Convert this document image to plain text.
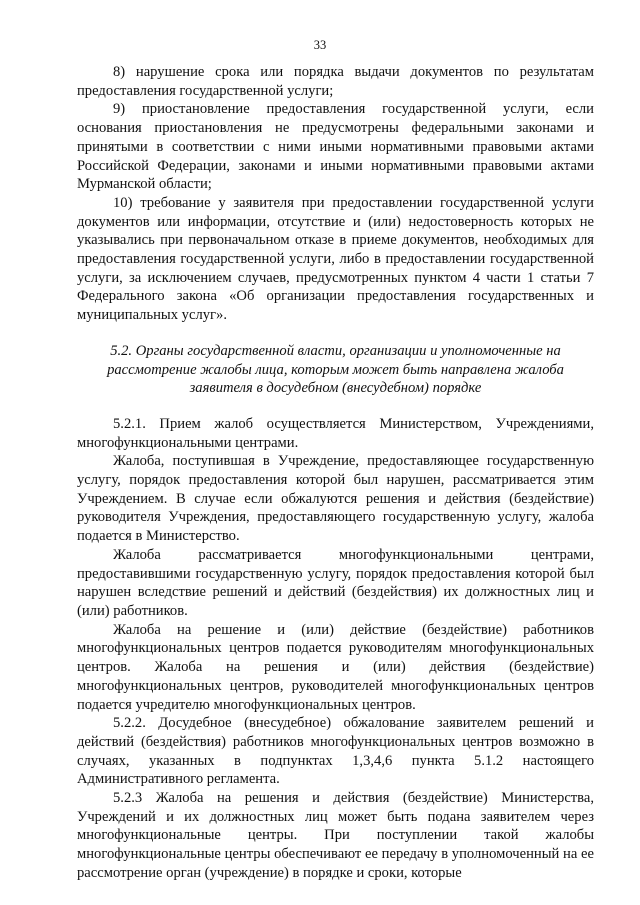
33

8) нарушение срока или порядка выдачи документов по результатам предоставления государственной услуги;

9) приостановление предоставления государственной услуги, если основания приостановления не предусмотрены федеральными законами и принятыми в соответствии с ними иными нормативными правовыми актами Российской Федерации, законами и иными нормативными правовыми актами Мурманской области;

10) требование у заявителя при предоставлении государственной услуги документов или информации, отсутствие и (или) недостоверность которых не указывались при первоначальном отказе в приеме документов, необходимых для предоставления государственной услуги, либо в предоставлении государственной услуги, за исключением случаев, предусмотренных пунктом 4 части 1 статьи 7 Федерального закона «Об организации предоставления государственных и муниципальных услуг».

5.2. Органы государственной власти, организации и уполномоченные на рассмотрение жалобы лица, которым может быть направлена жалоба заявителя в досудебном (внесудебном) порядке

5.2.1. Прием жалоб осуществляется Министерством, Учреждениями, многофункциональными центрами.

Жалоба, поступившая в Учреждение, предоставляющее государственную услугу, порядок предоставления которой был нарушен, рассматривается этим Учреждением. В случае если обжалуются решения и действия (бездействие) руководителя Учреждения, предоставляющего государственную услугу, жалоба подается в Министерство.

Жалоба рассматривается многофункциональными центрами, предоставившими государственную услугу, порядок предоставления которой был нарушен вследствие решений и действий (бездействия) их должностных лиц и (или) работников.

Жалоба на решение и (или) действие (бездействие) работников многофункциональных центров подается руководителям многофункциональных центров. Жалоба на решения и (или) действия (бездействие) многофункциональных центров, руководителей многофункциональных центров подается учредителю многофункциональных центров.

5.2.2. Досудебное (внесудебное) обжалование заявителем решений и действий (бездействия) работников многофункциональных центров возможно в случаях, указанных в подпунктах 1,3,4,6 пункта 5.1.2 настоящего Административного регламента.

5.2.3 Жалоба на решения и действия (бездействие) Министерства, Учреждений и их должностных лиц может быть подана заявителем через многофункциональные центры. При поступлении такой жалобы многофункциональные центры обеспечивают ее передачу в уполномоченный на ее рассмотрение орган (учреждение) в порядке и сроки, которые
